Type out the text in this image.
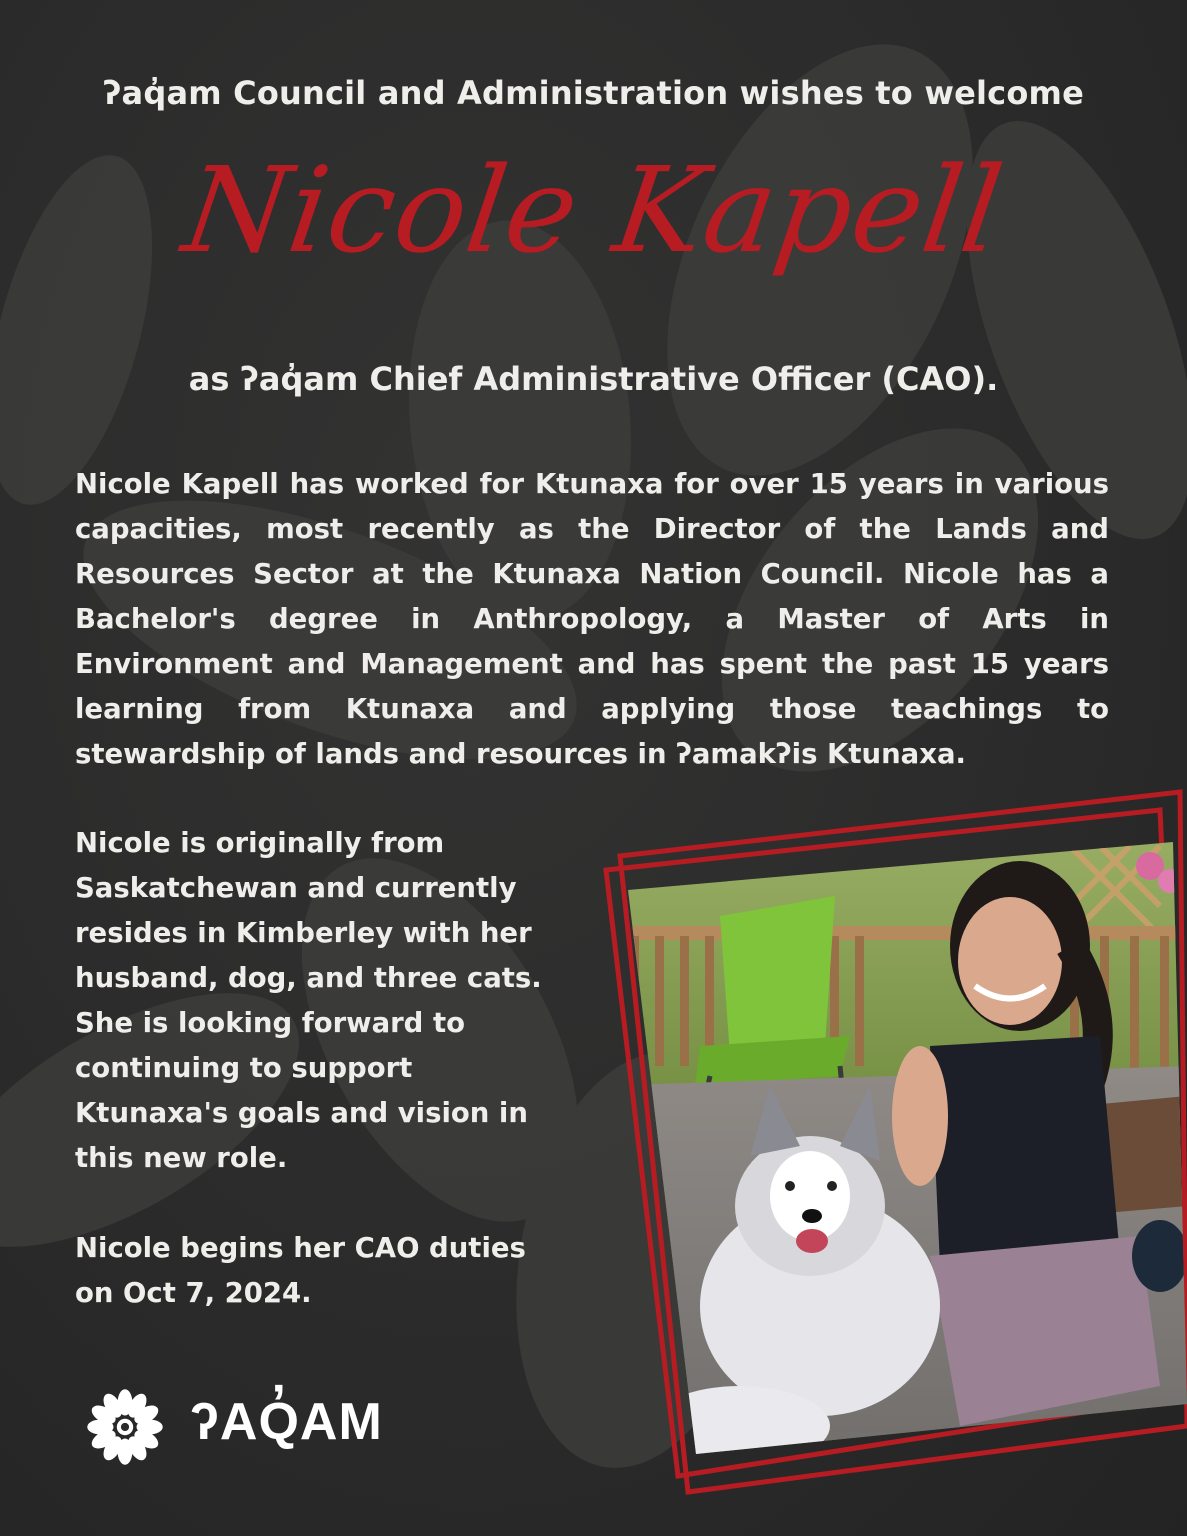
ʔaq̓am Council and Administration wishes to welcome
Nicole Kapell
as ʔaq̓am Chief Administrative Officer (CAO).

Nicole Kapell has worked for Ktunaxa for over 15 years in various capacities, most recently as the Director of the Lands and Resources Sector at the Ktunaxa Nation Council. Nicole has a Bachelor's degree in Anthropology, a Master of Arts in Environment and Management and has spent the past 15 years learning from Ktunaxa and applying those teachings to stewardship of lands and resources in ʔamakʔis Ktunaxa.

Nicole is originally from Saskatchewan and currently resides in Kimberley with her husband, dog, and three cats. She is looking forward to continuing to support Ktunaxa's goals and vision in this new role.

Nicole begins her CAO duties on Oct 7, 2024.

ʔAQ̓AM
